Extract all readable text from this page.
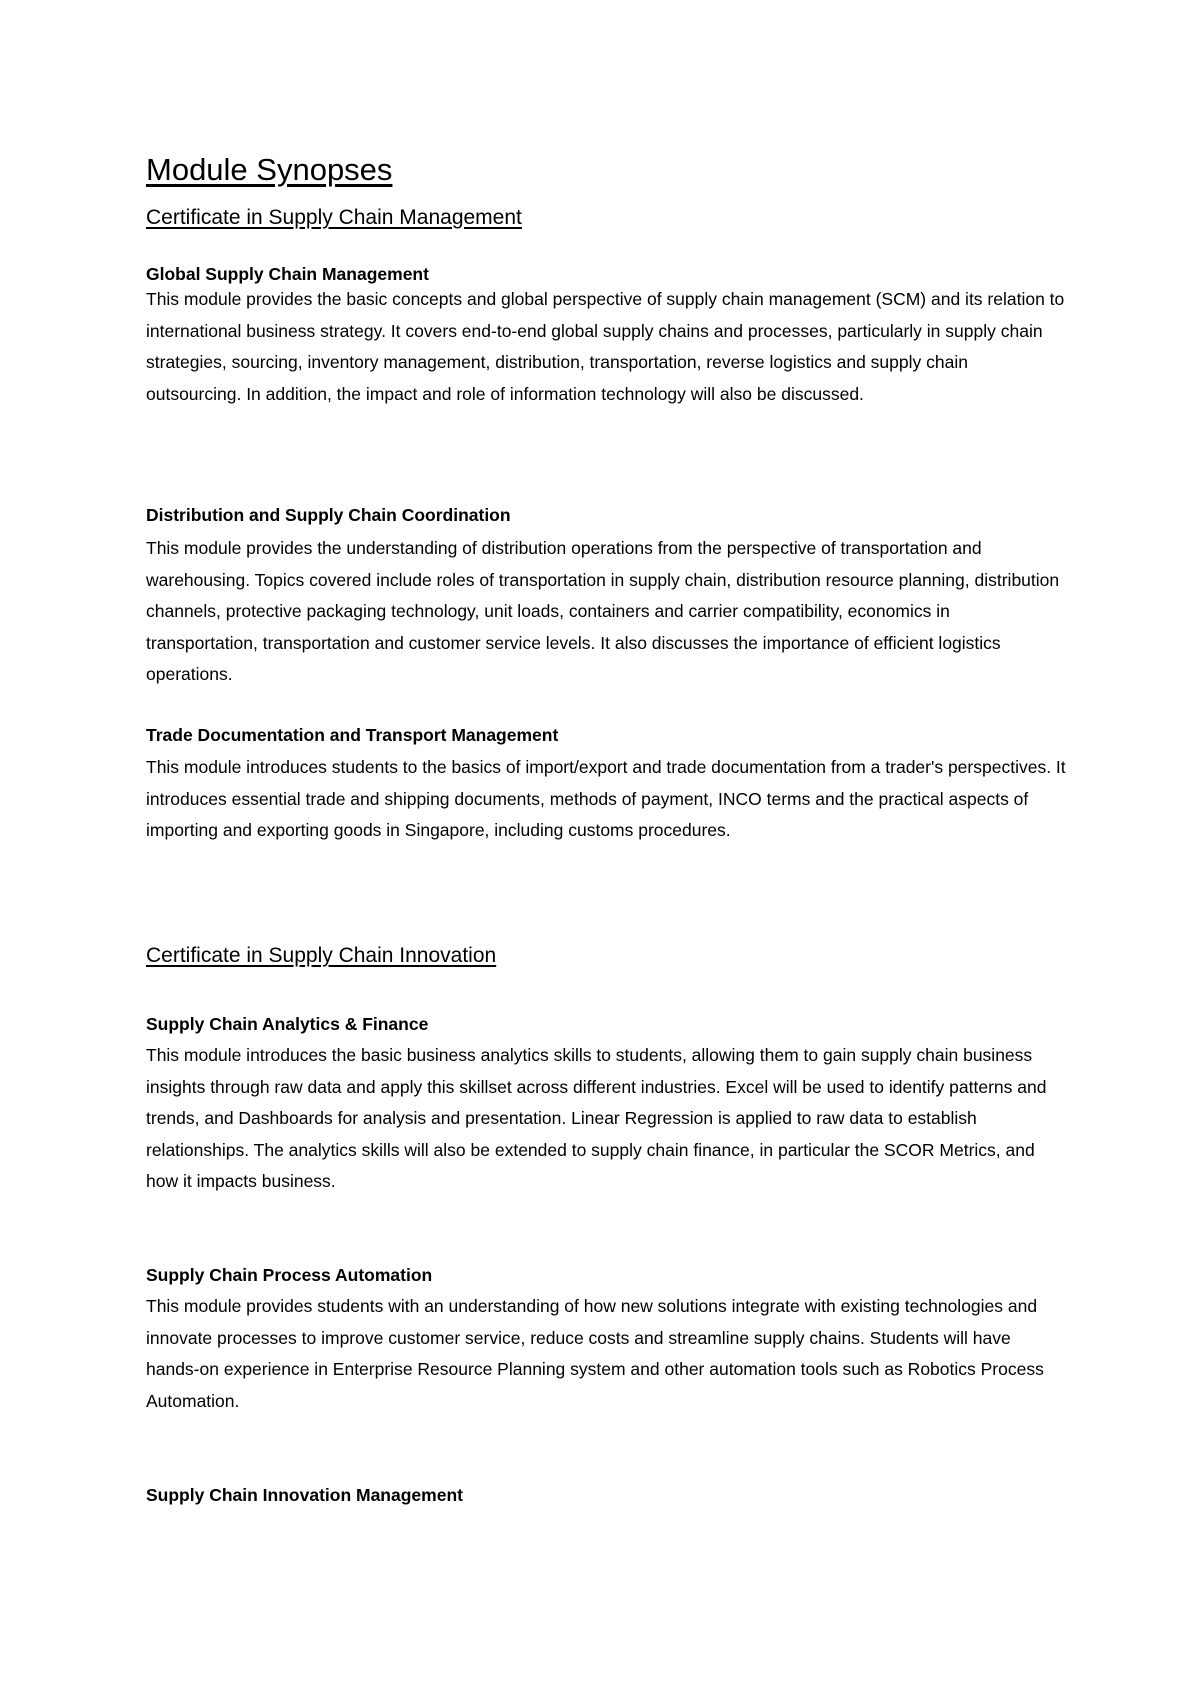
Module Synopses
Certificate in Supply Chain Management
Global Supply Chain Management

This module provides the basic concepts and global perspective of supply chain management (SCM) and its relation to international business strategy. It covers end-to-end global supply chains and processes, particularly in supply chain strategies, sourcing, inventory management, distribution, transportation, reverse logistics and supply chain outsourcing. In addition, the impact and role of information technology will also be discussed.

Distribution and Supply Chain Coordination

This module provides the understanding of distribution operations from the perspective of transportation and warehousing. Topics covered include roles of transportation in supply chain, distribution resource planning, distribution channels, protective packaging technology, unit loads, containers and carrier compatibility, economics in transportation, transportation and customer service levels. It also discusses the importance of efficient logistics operations.

Trade Documentation and Transport Management

This module introduces students to the basics of import/export and trade documentation from a trader's perspectives. It introduces essential trade and shipping documents, methods of payment, INCO terms and the practical aspects of importing and exporting goods in Singapore, including customs procedures.

Certificate in Supply Chain Innovation
Supply Chain Analytics & Finance

This module introduces the basic business analytics skills to students, allowing them to gain supply chain business insights through raw data and apply this skillset across different industries. Excel will be used to identify patterns and trends, and Dashboards for analysis and presentation. Linear Regression is applied to raw data to establish relationships. The analytics skills will also be extended to supply chain finance, in particular the SCOR Metrics, and how it impacts business.

Supply Chain Process Automation

This module provides students with an understanding of how new solutions integrate with existing technologies and innovate processes to improve customer service, reduce costs and streamline supply chains. Students will have hands-on experience in Enterprise Resource Planning system and other automation tools such as Robotics Process Automation.

Supply Chain Innovation Management
